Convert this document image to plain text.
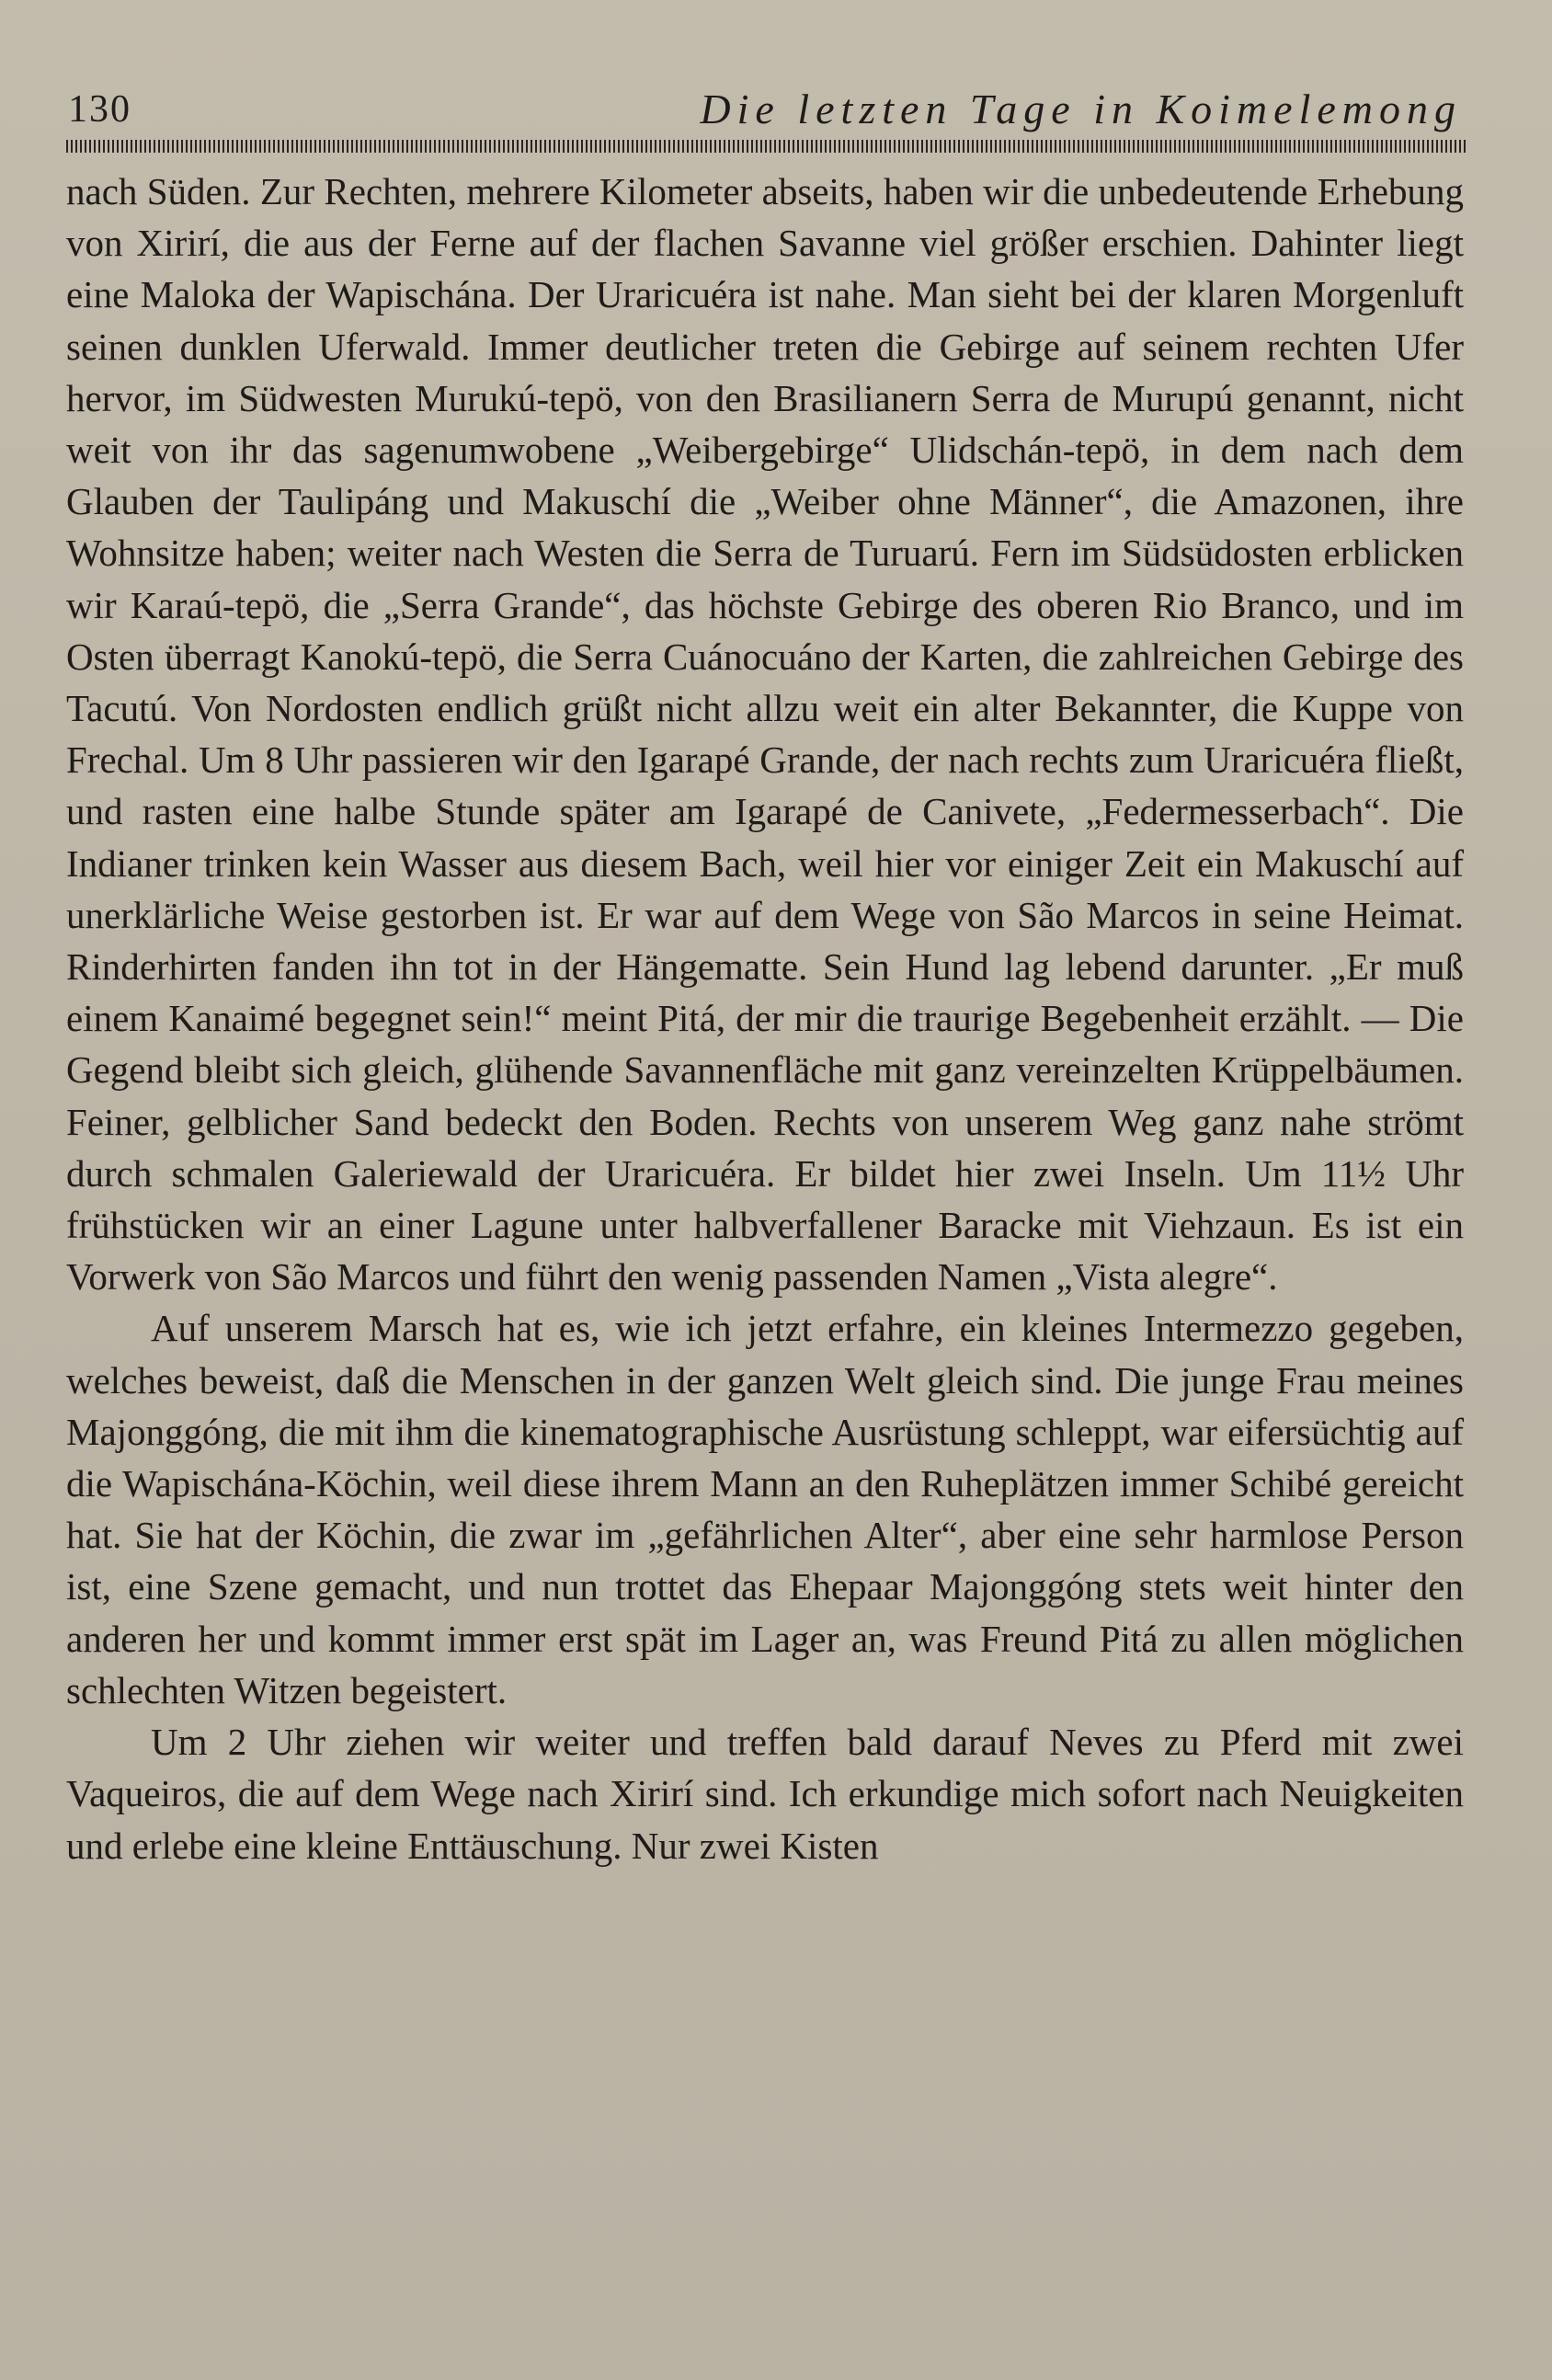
130	Die letzten Tage in Koimelemong

nach Süden. Zur Rechten, mehrere Kilometer abseits, haben wir die unbedeutende Erhebung von Xirirí, die aus der Ferne auf der flachen Savanne viel größer erschien. Dahinter liegt eine Maloka der Wapischána. Der Uraricuéra ist nahe. Man sieht bei der klaren Morgenluft seinen dunklen Uferwald. Immer deutlicher treten die Gebirge auf seinem rechten Ufer hervor, im Südwesten Murukú-tepö, von den Brasilianern Serra de Murupú genannt, nicht weit von ihr das sagenumwobene „Weibergebirge“ Ulidschán-tepö, in dem nach dem Glauben der Taulipáng und Makuschí die „Weiber ohne Männer“, die Amazonen, ihre Wohnsitze haben; weiter nach Westen die Serra de Turuarú. Fern im Südsüdosten erblicken wir Karaú-tepö, die „Serra Grande“, das höchste Gebirge des oberen Rio Branco, und im Osten überragt Kanokú-tepö, die Serra Cuánocuáno der Karten, die zahlreichen Gebirge des Tacutú. Von Nordosten endlich grüßt nicht allzu weit ein alter Bekannter, die Kuppe von Frechal. Um 8 Uhr passieren wir den Igarapé Grande, der nach rechts zum Uraricuéra fließt, und rasten eine halbe Stunde später am Igarapé de Canivete, „Federmesserbach“. Die Indianer trinken kein Wasser aus diesem Bach, weil hier vor einiger Zeit ein Makuschí auf unerklärliche Weise gestorben ist. Er war auf dem Wege von São Marcos in seine Heimat. Rinderhirten fanden ihn tot in der Hängematte. Sein Hund lag lebend darunter. „Er muß einem Kanaimé begegnet sein!“ meint Pitá, der mir die traurige Begebenheit erzählt. — Die Gegend bleibt sich gleich, glühende Savannenfläche mit ganz vereinzelten Krüppelbäumen. Feiner, gelblicher Sand bedeckt den Boden. Rechts von unserem Weg ganz nahe strömt durch schmalen Galeriewald der Uraricuéra. Er bildet hier zwei Inseln. Um 11½ Uhr frühstücken wir an einer Lagune unter halbverfallener Baracke mit Viehzaun. Es ist ein Vorwerk von São Marcos und führt den wenig passenden Namen „Vista alegre“.

Auf unserem Marsch hat es, wie ich jetzt erfahre, ein kleines Intermezzo gegeben, welches beweist, daß die Menschen in der ganzen Welt gleich sind. Die junge Frau meines Majonggóng, die mit ihm die kinematographische Ausrüstung schleppt, war eifersüchtig auf die Wapischána-Köchin, weil diese ihrem Mann an den Ruheplätzen immer Schibé gereicht hat. Sie hat der Köchin, die zwar im „gefährlichen Alter“, aber eine sehr harmlose Person ist, eine Szene gemacht, und nun trottet das Ehepaar Majonggóng stets weit hinter den anderen her und kommt immer erst spät im Lager an, was Freund Pitá zu allen möglichen schlechten Witzen begeistert.

Um 2 Uhr ziehen wir weiter und treffen bald darauf Neves zu Pferd mit zwei Vaqueiros, die auf dem Wege nach Xirirí sind. Ich erkundige mich sofort nach Neuigkeiten und erlebe eine kleine Enttäuschung. Nur zwei Kisten
